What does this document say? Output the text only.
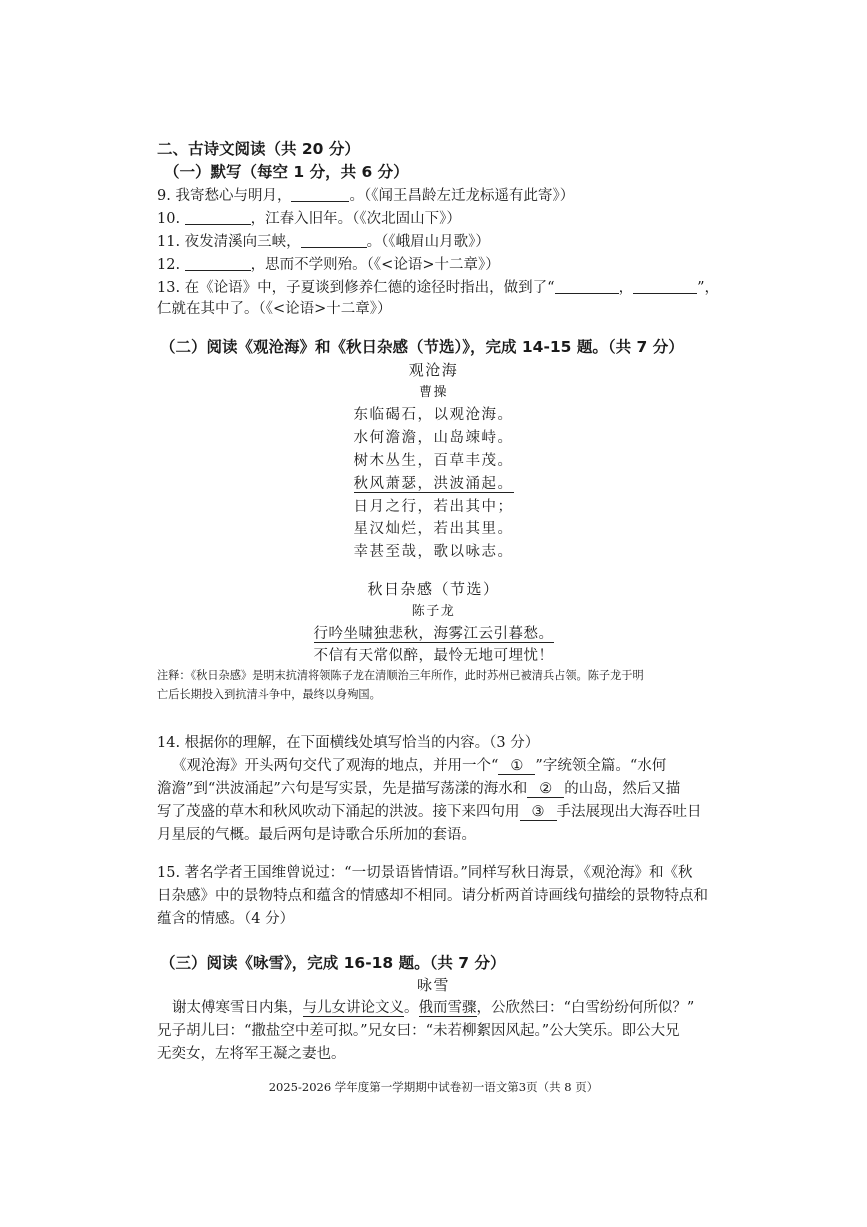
二、古诗文阅读（共 20 分）
（一）默写（每空 1 分，共 6 分）
9. 我寄愁心与明月，	。（《闻王昌龄左迁龙标遥有此寄》）
10.	，江春入旧年。（《次北固山下》）
11. 夜发清溪向三峡，	。（《峨眉山月歌》）
12.	，思而不学则殆。（《<论语>十二章》）
13. 在《论语》中，子夏谈到修养仁德的途径时指出，做到了“	，	”，
仁就在其中了。（《<论语>十二章》）
（二）阅读《观沧海》和《秋日杂感（节选）》，完成 14-15 题。（共 7 分）
观沧海
曹操
东临碣石，以观沧海。
水何澹澹，山岛竦峙。
树木丛生，百草丰茂。
秋风萧瑟，洪波涌起。
日月之行，若出其中；
星汉灿烂，若出其里。
幸甚至哉，歌以咏志。
秋日杂感（节选）
陈子龙
行吟坐啸独悲秋，海雾江云引暮愁。
不信有天常似醉，最怜无地可埋忧！
注释：《秋日杂感》是明末抗清将领陈子龙在清顺治三年所作，此时苏州已被清兵占领。陈子龙于明
亡后长期投入到抗清斗争中，最终以身殉国。
14. 根据你的理解，在下面横线处填写恰当的内容。（3 分）
《观沧海》开头两句交代了观海的地点，并用一个“ ① ”字统领全篇。“水何
澹澹”到“洪波涌起”六句是写实景，先是描写荡漾的海水和 ② 的山岛，然后又描
写了茂盛的草木和秋风吹动下涌起的洪波。接下来四句用 ③ 手法展现出大海吞吐日
月星辰的气概。最后两句是诗歌合乐所加的套语。
15. 著名学者王国维曾说过：“一切景语皆情语。”同样写秋日海景，《观沧海》和《秋
日杂感》中的景物特点和蕴含的情感却不相同。请分析两首诗画线句描绘的景物特点和
蕴含的情感。（4 分）
（三）阅读《咏雪》，完成 16-18 题。（共 7 分）
咏雪
谢太傅寒雪日内集，与儿女讲论文义。俄而雪骤，公欣然曰：“白雪纷纷何所似？”
兄子胡儿曰：“撒盐空中差可拟。”兄女曰：“未若柳絮因风起。”公大笑乐。即公大兄
无奕女，左将军王凝之妻也。
2025-2026 学年度第一学期期中试卷初一语文第3页（共 8 页）
